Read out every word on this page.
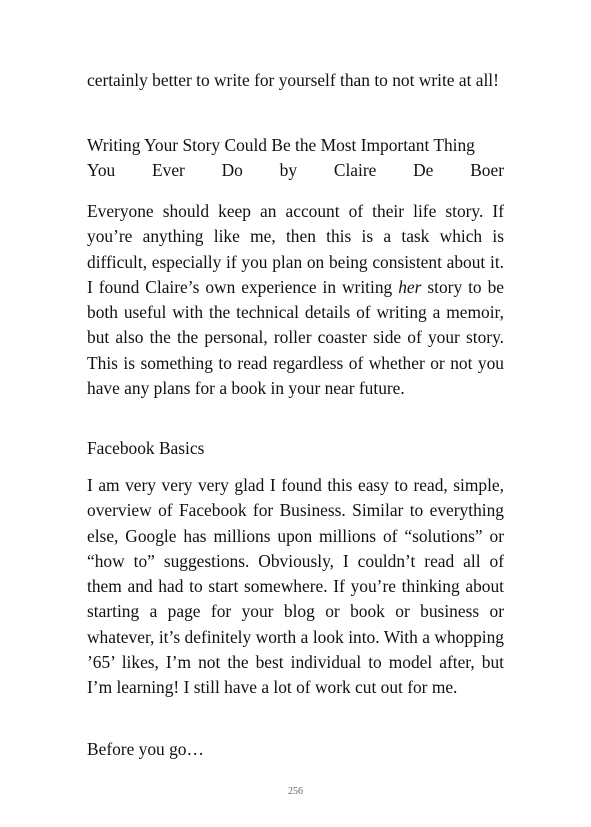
certainly better to write for yourself than to not write at all!

Writing Your Story Could Be the Most Important Thing You Ever Do by Claire De Boer

Everyone should keep an account of their life story. If you’re anything like me, then this is a task which is difficult, especially if you plan on being consistent about it. I found Claire’s own experience in writing her story to be both useful with the technical details of writing a memoir, but also the the personal, roller coaster side of your story. This is something to read regardless of whether or not you have any plans for a book in your near future.

Facebook Basics

I am very very very glad I found this easy to read, simple, overview of Facebook for Business. Similar to everything else, Google has millions upon millions of “solutions” or “how to” suggestions. Obviously, I couldn’t read all of them and had to start somewhere. If you’re thinking about starting a page for your blog or book or business or whatever, it’s definitely worth a look into. With a whopping ’65’ likes, I’m not the best individual to model after, but I’m learning! I still have a lot of work cut out for me.

Before you go…

256
